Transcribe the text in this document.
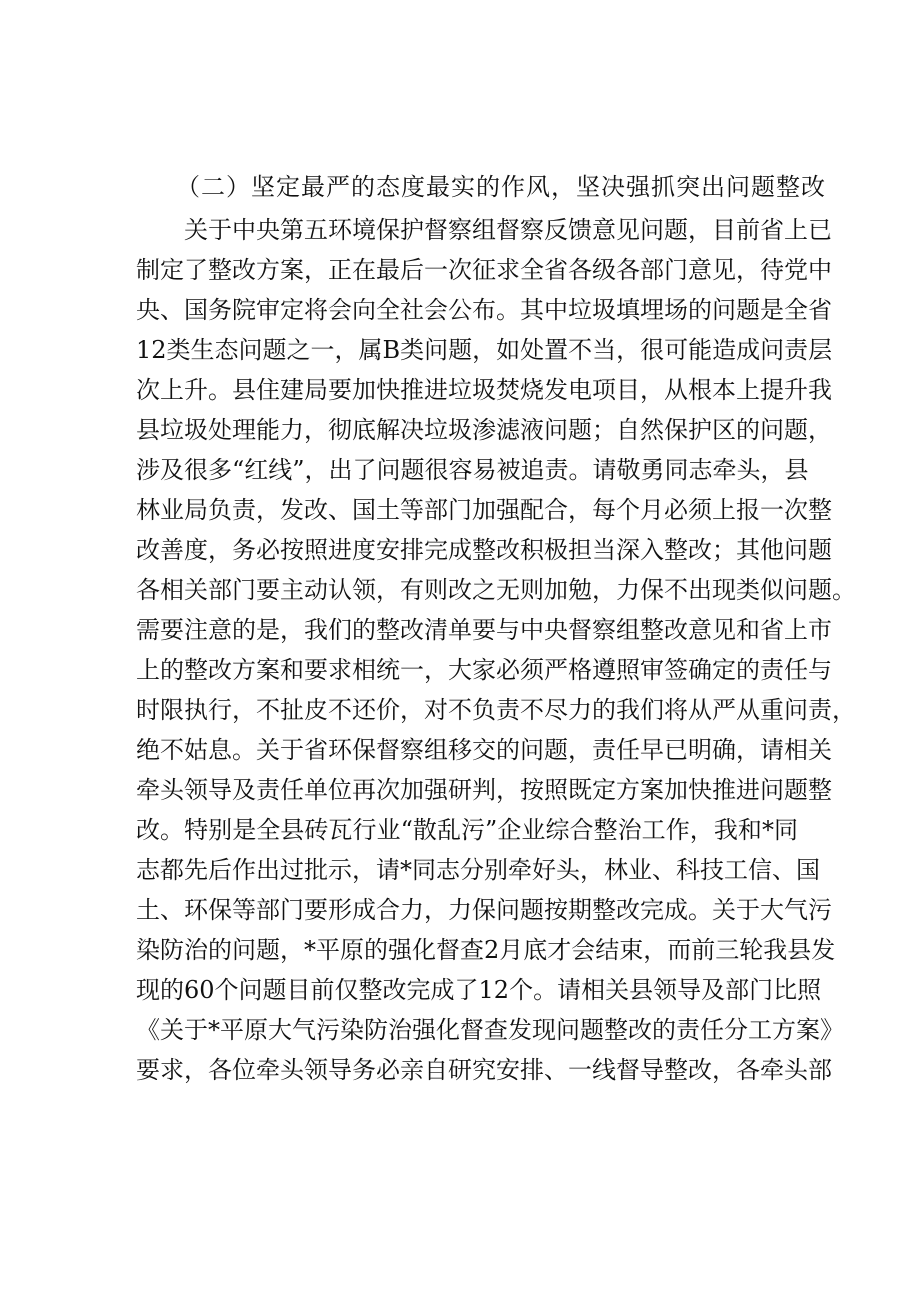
（二）坚定最严的态度最实的作风，坚决强抓突出问题整改
关于中央第五环境保护督察组督察反馈意见问题，目前省上已
制定了整改方案，正在最后一次征求全省各级各部门意见，待党中
央、国务院审定将会向全社会公布。其中垃圾填埋场的问题是全省
12类生态问题之一，属B类问题，如处置不当，很可能造成问责层
次上升。县住建局要加快推进垃圾焚烧发电项目，从根本上提升我
县垃圾处理能力，彻底解决垃圾渗滤液问题；自然保护区的问题，
涉及很多“红线”，出了问题很容易被追责。请敬勇同志牵头，县
林业局负责，发改、国土等部门加强配合，每个月必须上报一次整
改善度，务必按照进度安排完成整改积极担当深入整改；其他问题
各相关部门要主动认领，有则改之无则加勉，力保不出现类似问题。
需要注意的是，我们的整改清单要与中央督察组整改意见和省上市
上的整改方案和要求相统一，大家必须严格遵照审签确定的责任与
时限执行，不扯皮不还价，对不负责不尽力的我们将从严从重问责，
绝不姑息。关于省环保督察组移交的问题，责任早已明确，请相关
牵头领导及责任单位再次加强研判，按照既定方案加快推进问题整
改。特别是全县砖瓦行业“散乱污”企业综合整治工作，我和*同
志都先后作出过批示，请*同志分别牵好头，林业、科技工信、国
土、环保等部门要形成合力，力保问题按期整改完成。关于大气污
染防治的问题，*平原的强化督查2月底才会结束，而前三轮我县发
现的60个问题目前仅整改完成了12个。请相关县领导及部门比照
《关于*平原大气污染防治强化督查发现问题整改的责任分工方案》
要求，各位牵头领导务必亲自研究安排、一线督导整改，各牵头部
